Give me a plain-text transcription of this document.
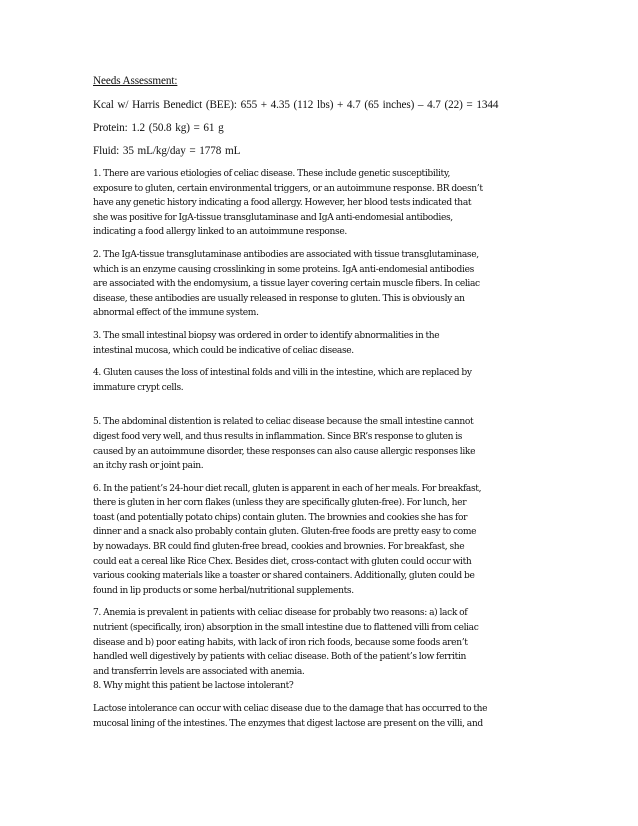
Needs Assessment:
Kcal w/ Harris Benedict (BEE): 655 + 4.35 (112 lbs) + 4.7 (65 inches) – 4.7 (22) = 1344
Protein: 1.2 (50.8 kg) = 61 g
Fluid: 35 mL/kg/day = 1778 mL
1. There are various etiologies of celiac disease. These include genetic susceptibility,
exposure to gluten, certain environmental triggers, or an autoimmune response. BR doesn’t
have any genetic history indicating a food allergy. However, her blood tests indicated that
she was positive for IgA-tissue transglutaminase and IgA anti-endomesial antibodies,
indicating a food allergy linked to an autoimmune response.
2. The IgA-tissue transglutaminase antibodies are associated with tissue transglutaminase,
which is an enzyme causing crosslinking in some proteins. IgA anti-endomesial antibodies
are associated with the endomysium, a tissue layer covering certain muscle fibers. In celiac
disease, these antibodies are usually released in response to gluten. This is obviously an
abnormal effect of the immune system.
3. The small intestinal biopsy was ordered in order to identify abnormalities in the
intestinal mucosa, which could be indicative of celiac disease.
4. Gluten causes the loss of intestinal folds and villi in the intestine, which are replaced by
immature crypt cells.
5. The abdominal distention is related to celiac disease because the small intestine cannot
digest food very well, and thus results in inflammation. Since BR’s response to gluten is
caused by an autoimmune disorder, these responses can also cause allergic responses like
an itchy rash or joint pain.
6. In the patient’s 24-hour diet recall, gluten is apparent in each of her meals. For breakfast,
there is gluten in her corn flakes (unless they are specifically gluten-free). For lunch, her
toast (and potentially potato chips) contain gluten. The brownies and cookies she has for
dinner and a snack also probably contain gluten. Gluten-free foods are pretty easy to come
by nowadays. BR could find gluten-free bread, cookies and brownies. For breakfast, she
could eat a cereal like Rice Chex. Besides diet, cross-contact with gluten could occur with
various cooking materials like a toaster or shared containers. Additionally, gluten could be
found in lip products or some herbal/nutritional supplements.
7. Anemia is prevalent in patients with celiac disease for probably two reasons: a) lack of
nutrient (specifically, iron) absorption in the small intestine due to flattened villi from celiac
disease and b) poor eating habits, with lack of iron rich foods, because some foods aren’t
handled well digestively by patients with celiac disease. Both of the patient’s low ferritin
and transferrin levels are associated with anemia.
8. Why might this patient be lactose intolerant?
Lactose intolerance can occur with celiac disease due to the damage that has occurred to the
mucosal lining of the intestines. The enzymes that digest lactose are present on the villi, and
